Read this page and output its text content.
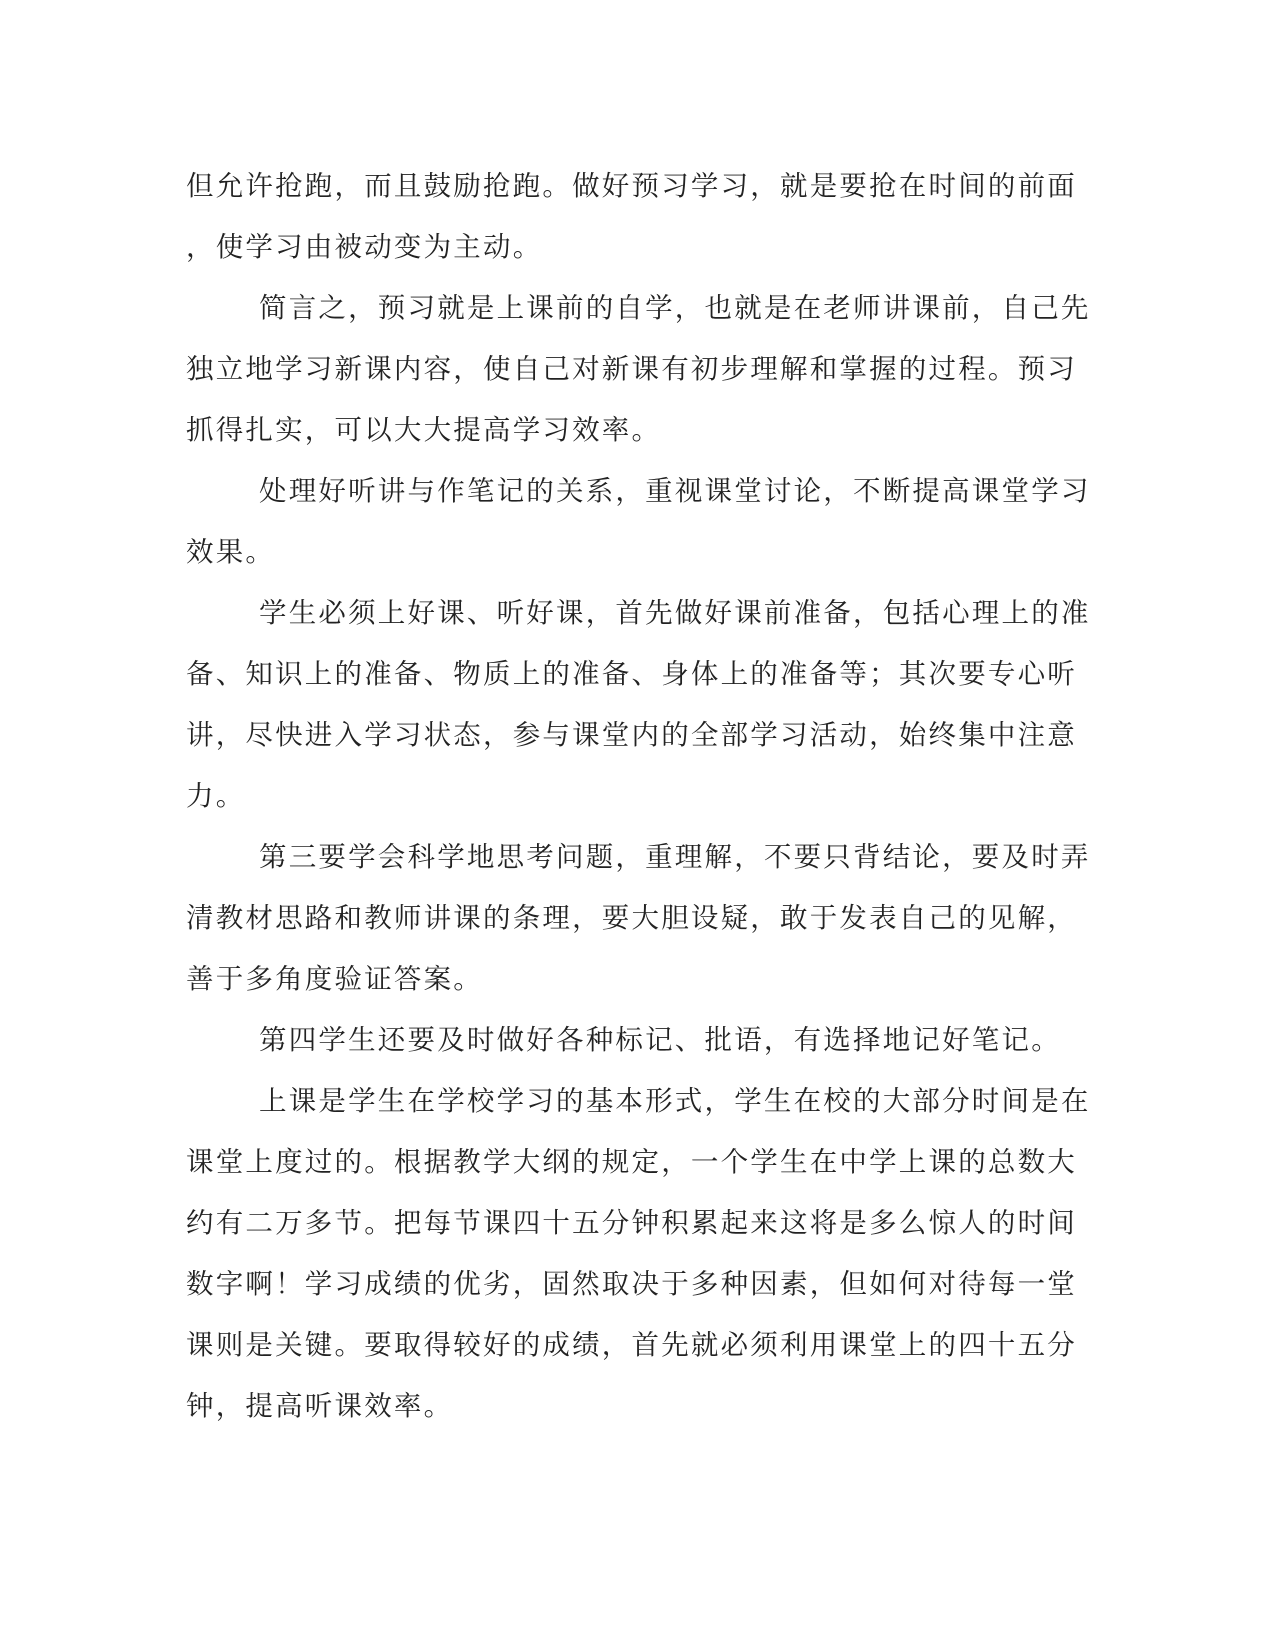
但允许抢跑，而且鼓励抢跑。做好预习学习，就是要抢在时间的前面
，使学习由被动变为主动。

简言之，预习就是上课前的自学，也就是在老师讲课前，自己先
独立地学习新课内容，使自己对新课有初步理解和掌握的过程。预习
抓得扎实，可以大大提高学习效率。

处理好听讲与作笔记的关系，重视课堂讨论，不断提高课堂学习
效果。

学生必须上好课、听好课，首先做好课前准备，包括心理上的准
备、知识上的准备、物质上的准备、身体上的准备等；其次要专心听
讲，尽快进入学习状态，参与课堂内的全部学习活动，始终集中注意
力。

第三要学会科学地思考问题，重理解，不要只背结论，要及时弄
清教材思路和教师讲课的条理，要大胆设疑，敢于发表自己的见解，
善于多角度验证答案。

第四学生还要及时做好各种标记、批语，有选择地记好笔记。

上课是学生在学校学习的基本形式，学生在校的大部分时间是在
课堂上度过的。根据教学大纲的规定，一个学生在中学上课的总数大
约有二万多节。把每节课四十五分钟积累起来这将是多么惊人的时间
数字啊！学习成绩的优劣，固然取决于多种因素，但如何对待每一堂
课则是关键。要取得较好的成绩，首先就必须利用课堂上的四十五分
钟，提高听课效率。
